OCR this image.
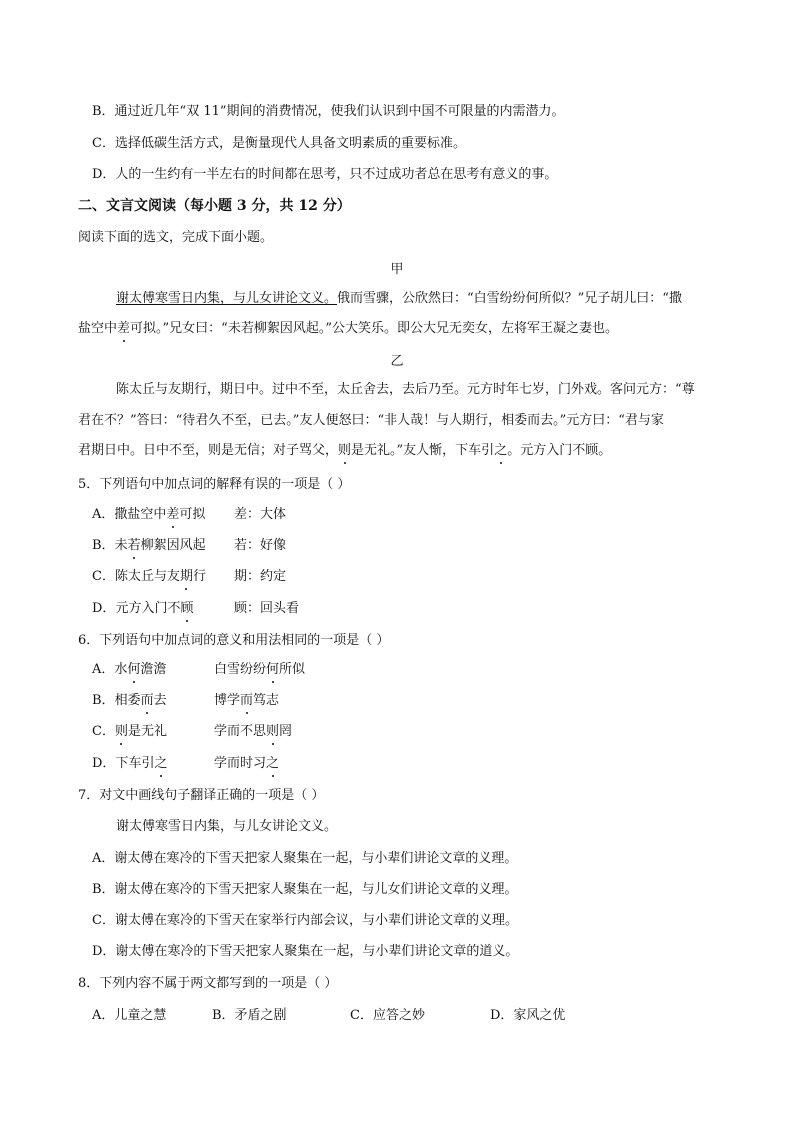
B．通过近几年“双 11”期间的消费情况，使我们认识到中国不可限量的内需潜力。
C．选择低碳生活方式，是衡量现代人具备文明素质的重要标准。
D．人的一生约有一半左右的时间都在思考，只不过成功者总在思考有意义的事。
二、文言文阅读（每小题 3 分，共 12 分）
阅读下面的选文，完成下面小题。
甲
谢太傅寒雪日内集，与儿女讲论文义。俄而雪骤，公欣然曰：“白雪纷纷何所似？”兄子胡儿曰：“撒
盐空中差可拟。”兄女曰：“未若柳絮因风起。”公大笑乐。即公大兄无奕女，左将军王凝之妻也。
乙
陈太丘与友期行，期日中。过中不至，太丘舍去，去后乃至。元方时年七岁，门外戏。客问元方：“尊
君在不？”答曰：“待君久不至，已去。”友人便怒曰：“非人哉！与人期行，相委而去。”元方曰：“君与家
君期日中。日中不至，则是无信；对子骂父，则是无礼。”友人惭，下车引之。元方入门不顾。
5．下列语句中加点词的解释有误的一项是（ ）
A．撒盐空中差可拟 差：大体
B．未若柳絮因风起 若：好像
C．陈太丘与友期行 期：约定
D．元方入门不顾	顾：回头看
6．下列语句中加点词的意义和用法相同的一项是（ ）
A．水何澹澹	白雪纷纷何所似
B．相委而去	博学而笃志
C．则是无礼	学而不思则罔
D．下车引之	学而时习之
7．对文中画线句子翻译正确的一项是（ ）
谢太傅寒雪日内集，与儿女讲论文义。
A．谢太傅在寒冷的下雪天把家人聚集在一起，与小辈们讲论文章的义理。
B．谢太傅在寒冷的下雪天把家人聚集在一起，与儿女们讲论文章的义理。
C．谢太傅在寒冷的下雪天在家举行内部会议，与小辈们讲论文章的义理。
D．谢太傅在寒冷的下雪天把家人聚集在一起，与小辈们讲论文章的道义。
8．下列内容不属于两文都写到的一项是（ ）
A．儿童之慧	B．矛盾之剧	C．应答之妙	D．家风之优
